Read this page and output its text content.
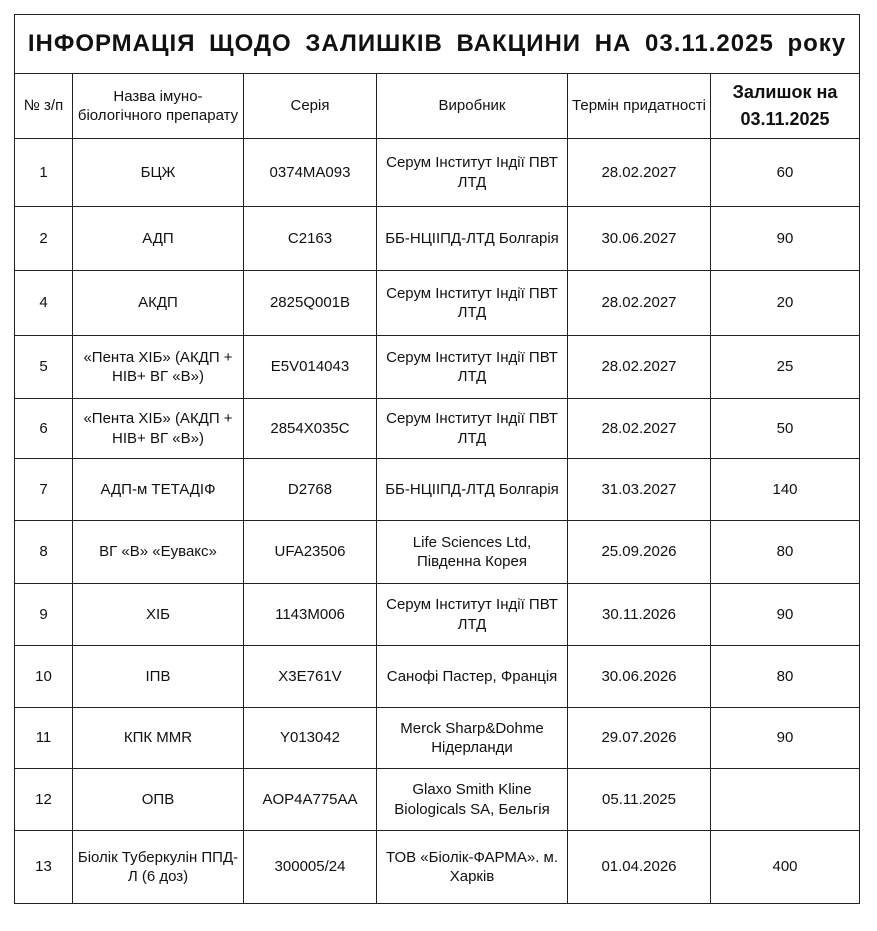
ІНФОРМАЦІЯ ЩОДО ЗАЛИШКІВ ВАКЦИНИ НА 03.11.2025 року					
№ з/п	Назва імуно-біологічного препарату	Серія	Виробник	Термін придатності	Залишок на 03.11.2025
1	БЦЖ	0374MA093	Серум Інститут Індії ПВТ ЛТД	28.02.2027	60
2	АДП	C2163	ББ-НЦІІПД-ЛТД Болгарія	30.06.2027	90
4	АКДП	2825Q001B	Серум Інститут Індії ПВТ ЛТД	28.02.2027	20
5	«Пента ХІБ» (АКДП + HIB+ ВГ «В»)	E5V014043	Серум Інститут Індії ПВТ ЛТД	28.02.2027	25
6	«Пента ХІБ» (АКДП + HIB+ ВГ «В»)	2854X035C	Серум Інститут Індії ПВТ ЛТД	28.02.2027	50
7	АДП-м ТЕТАДІФ	D2768	ББ-НЦІІПД-ЛТД Болгарія	31.03.2027	140
8	ВГ «В» «Еувакс»	UFA23506	Life Sciences Ltd, Південна Корея	25.09.2026	80
9	ХІБ	1143M006	Серум Інститут Індії ПВТ ЛТД	30.11.2026	90
10	ІПВ	X3E761V	Санофі Пастер, Франція	30.06.2026	80
11	КПК MMR	Y013042	Merck Sharp&Dohme Нідерланди	29.07.2026	90
12	ОПВ	AOP4A775AA	Glaxo Smith Kline Biologicals SA, Бельгія	05.11.2025	
13	Біолік Туберкулін ППД-Л (6 доз)	300005/24	ТОВ «Біолік-ФАРМА». м. Харків	01.04.2026	400
